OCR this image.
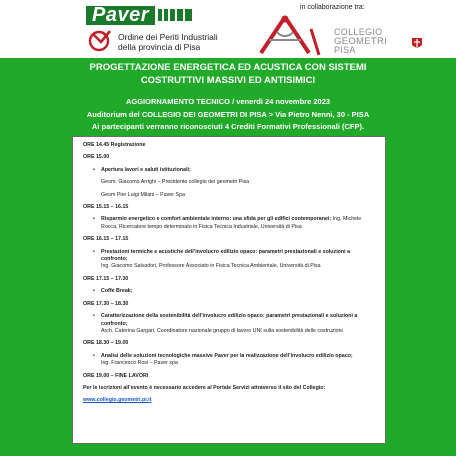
Paver	in collaborazione tra:
Ordine dei Periti Industriali
della provincia di Pisa
COLLEGIO
GEOMETRI
PISA
PROGETTAZIONE ENERGETICA ED ACUSTICA CON SISTEMI
COSTRUTTIVI MASSIVI ED ANTISIMICI
AGGIORNAMENTO TECNICO / venerdì 24 novembre 2023
Auditorium del COLLEGIO DEI GEOMETRI DI PISA > Via Pietro Nenni, 30 - PISA
Ai partecipanti verranno riconosciuti 4 Crediti Formativi Professionali (CFP).
ORE 14.45 Registrazione
ORE 15.00
•	Apertura lavori e saluti istituzionali;
Geom. Giacomo Arrighi – Presidente collegio dei geometri Pisa
Geom Pier Luigi Milani – Paver Spa
ORE 15.15 – 16.15
•	Risparmio energetico e comfort ambientale interno: una sfida per gli edifici contemporanei; Ing. Michele Rocca, Ricercatore tempo determinato in Fisica Tecnica Industriale, Università di Pisa
ORE 16.15 – 17.15
•	Prestazioni termiche e acustiche dell’involucro edilizio opaco: parametri prestazionali e soluzioni a confronto;
Ing. Giacomo Salvadori, Professore Associato in Fisica Tecnica Ambientale, Università di Pisa
ORE 17.15 – 17.30
•	Coffe Break;
ORE 17.30 – 18.30
•	Caratterizzazione della sostenibilità dell’involucro edilizio opaco: parametri prestazionali e soluzioni a confronto;
Arch. Caterina Gargari, Coordinatore nazionale gruppo di lavoro UNI sulla sostenibilità delle costruzioni
ORE 18.30 – 19.00
•	Analisi delle soluzioni tecnologiche massive Paver per la realizzazione dell’involucro edilizio opaco;
Ing. Francesco Rosi – Paver spa
ORE 19.00 – FINE LAVORI
Per le iscrizioni all’evento è necessario accedere al Portale Servizi attraverso il sito del Collegio:
www.collegio.geometri.pi.it
